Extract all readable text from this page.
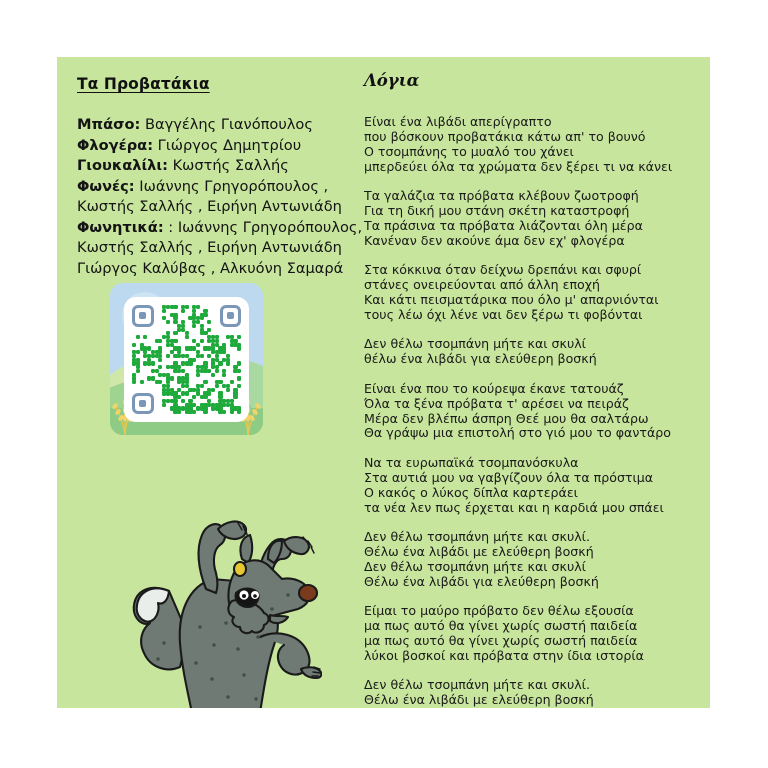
Τα Προβατάκια
Μπάσο: Βαγγέλης Γιανόπουλος
Φλογέρα: Γιώργος Δημητρίου
Γιουκαλίλι: Κωστής Σαλλής
Φωνές: Ιωάννης Γρηγορόπουλος ,
Κωστής Σαλλής , Ειρήνη Αντωνιάδη
Φωνητικά: : Ιωάννης Γρηγορόπουλος,
Κωστής Σαλλής , Ειρήνη Αντωνιάδη
Γιώργος Καλύβας , Αλκυόνη Σαμαρά
Λόγια
Είναι ένα λιβάδι απερίγραπτο
που βόσκουν προβατάκια κάτω απ' το βουνό
Ο τσομπάνης το μυαλό του χάνει
μπερδεύει όλα τα χρώματα δεν ξέρει τι να κάνει
Τα γαλάζια τα πρόβατα κλέβουν ζωοτροφή
Για τη δική μου στάνη σκέτη καταστροφή
Τα πράσινα τα πρόβατα λιάζονται όλη μέρα
Κανέναν δεν ακούνε άμα δεν εχ' φλογέρα
Στα κόκκινα όταν δείχνω δρεπάνι και σφυρί
στάνες ονειρεύονται από άλλη εποχή
Και κάτι πεισματάρικα που όλο μ' απαρνιόνται
τους λέω όχι λένε ναι δεν ξέρω τι φοβόνται
Δεν θέλω τσομπάνη μήτε και σκυλί
θέλω ένα λιβάδι για ελεύθερη βοσκή
Είναι ένα που το κούρεψα έκανε τατουάζ
Όλα τα ξένα πρόβατα τ' αρέσει να πειράζ
Μέρα δεν βλέπω άσπρη Θεέ μου θα σαλτάρω
Θα γράψω μια επιστολή στο γιό μου το φαντάρο
Να τα ευρωπαϊκά τσομπανόσκυλα
Στα αυτιά μου να γαβγίζουν όλα τα πρόστιμα
Ο κακός ο λύκος δίπλα καρτεράει
τα νέα λεν πως έρχεται και η καρδιά μου σπάει
Δεν θέλω τσομπάνη μήτε και σκυλί.
Θέλω ένα λιβάδι με ελεύθερη βοσκή
Δεν θέλω τσομπάνη μήτε και σκυλί
Θέλω ένα λιβάδι για ελεύθερη βοσκή
Είμαι το μαύρο πρόβατο δεν θέλω εξουσία
μα πως αυτό θα γίνει χωρίς σωστή παιδεία
μα πως αυτό θα γίνει χωρίς σωστή παιδεία
λύκοι βοσκοί και πρόβατα στην ίδια ιστορία
Δεν θέλω τσομπάνη μήτε και σκυλί.
Θέλω ένα λιβάδι με ελεύθερη βοσκή
